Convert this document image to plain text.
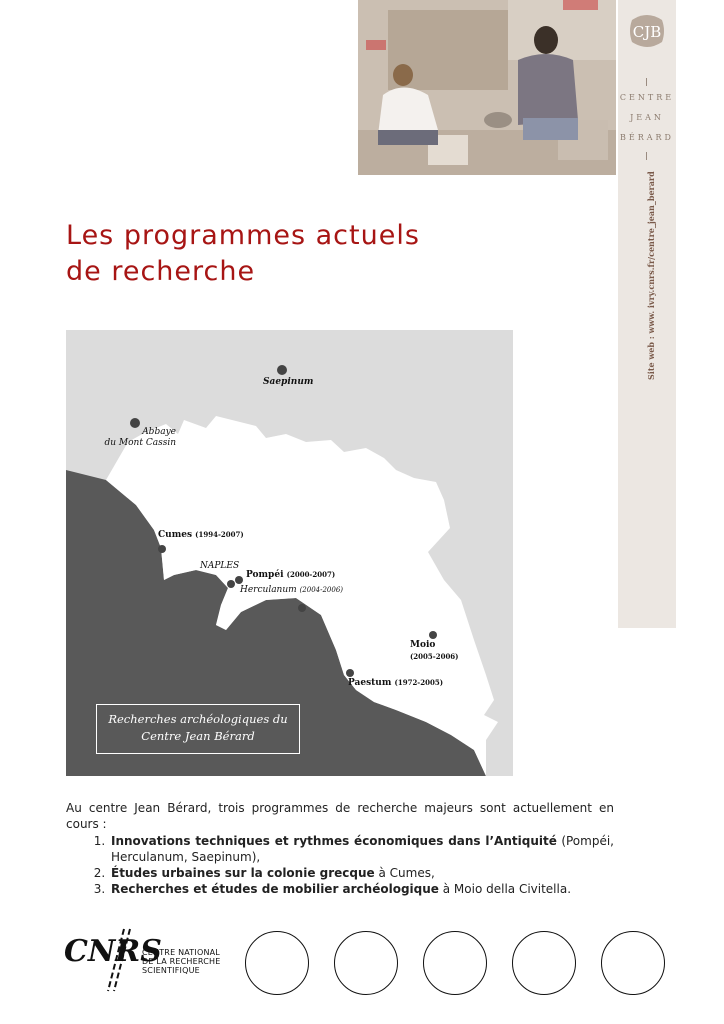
CJB
CENTRE
JEAN
BÉRARD
Site web : www. ivry.cnrs.fr/centre_jean_berard
Les programmes actuels
de recherche
Saepinum
Abbaye
du Mont Cassin
Cumes (1994-2007)
NAPLES
Pompéi (2000-2007)
Herculanum (2004-2006)
Moio
(2005-2006)
Paestum (1972-2005)
Recherches archéologiques du
Centre Jean Bérard

Au centre Jean Bérard, trois programmes de recherche majeurs sont actuellement en cours :

1. Innovations techniques et rythmes économiques dans l’Antiquité (Pompéi, Herculanum, Saepinum),
2. Études urbaines sur la colonie grecque à Cumes,
3. Recherches et études de mobilier archéologique à Moio della Civitella.
CNRS
CENTRE NATIONAL
DE LA RECHERCHE
SCIENTIFIQUE
